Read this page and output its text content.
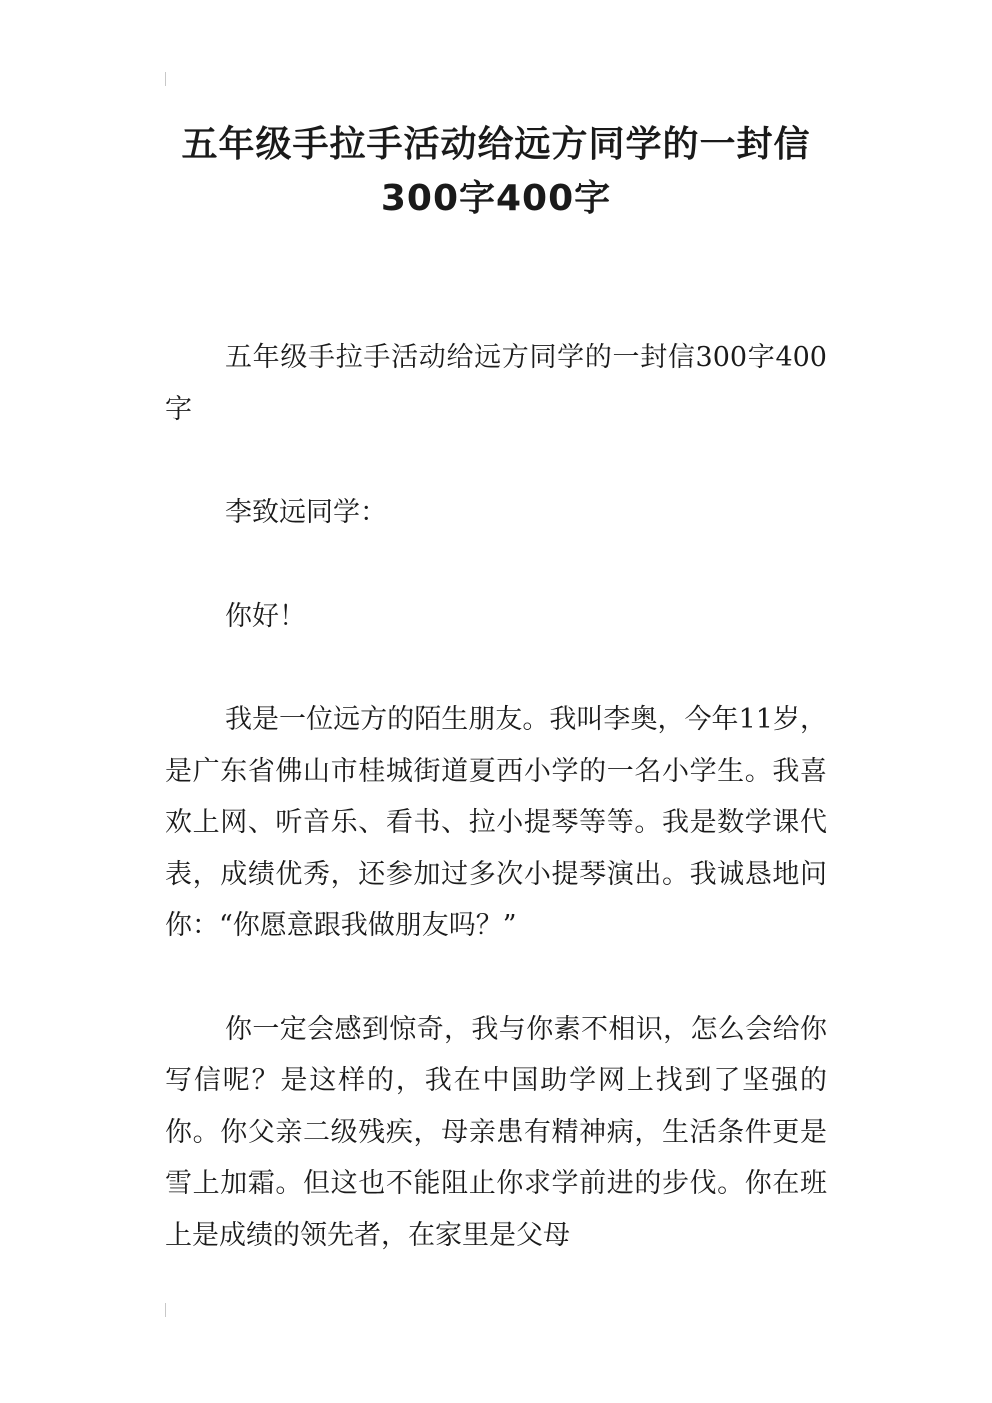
五年级手拉手活动给远方同学的一封信300字400字

五年级手拉手活动给远方同学的一封信300字400字

李致远同学：

你好！

我是一位远方的陌生朋友。我叫李奥，今年11岁，是广东省佛山市桂城街道夏西小学的一名小学生。我喜欢上网、听音乐、看书、拉小提琴等等。我是数学课代表，成绩优秀，还参加过多次小提琴演出。我诚恳地问你：“你愿意跟我做朋友吗？”

你一定会感到惊奇，我与你素不相识，怎么会给你写信呢？是这样的，我在中国助学网上找到了坚强的你。你父亲二级残疾，母亲患有精神病，生活条件更是雪上加霜。但这也不能阻止你求学前进的步伐。你在班上是成绩的领先者，在家里是父母
